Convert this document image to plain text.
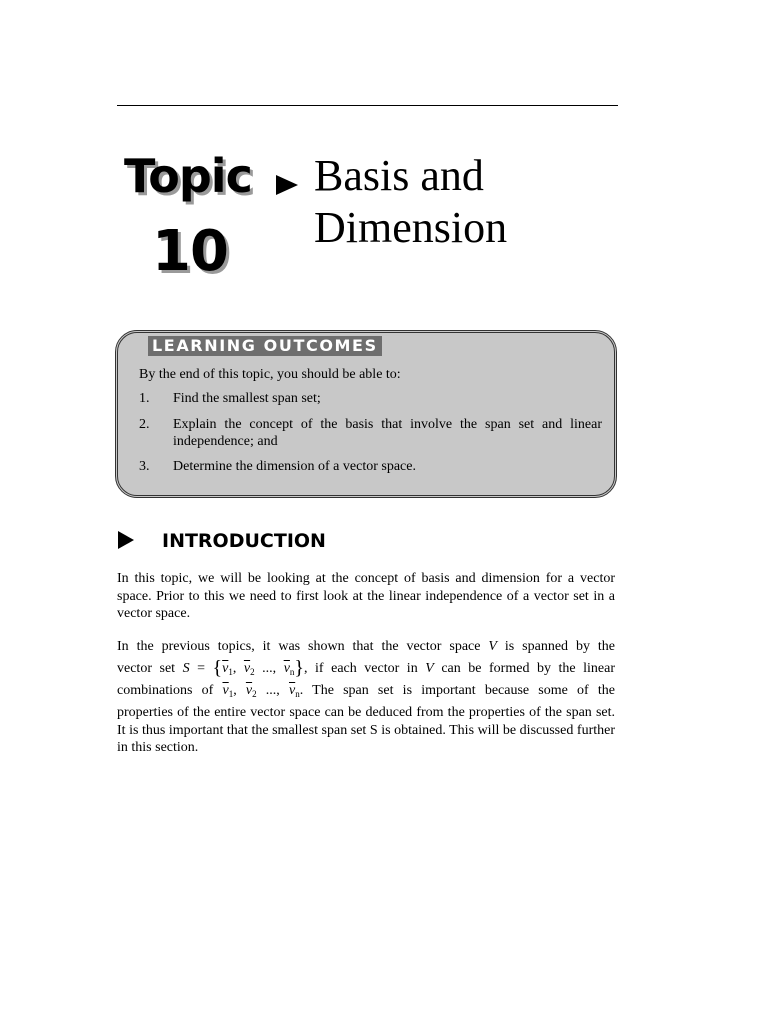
Topic
10
Basis and
Dimension
LEARNING OUTCOMES
By the end of this topic, you should be able to:
1. Find the smallest span set;
2. Explain the concept of the basis that involve the span set and linear independence; and
3. Determine the dimension of a vector space.
INTRODUCTION
In this topic, we will be looking at the concept of basis and dimension for a vector space. Prior to this we need to first look at the linear independence of a vector set in a vector space.
In the previous topics, it was shown that the vector space V is spanned by the
vector set $S = \{\overline{v}_1$, $\overline{v}_2$ ..., $\overline{v}_n$}, if each vector in V can be formed by the linear
combinations of $\overline{v}_1$, $\overline{v}_2$ ..., $\overline{v}_n$. The span set is important because some of the
properties of the entire vector space can be deduced from the properties of the span set. It is thus important that the smallest span set S is obtained. This will be discussed further in this section.
